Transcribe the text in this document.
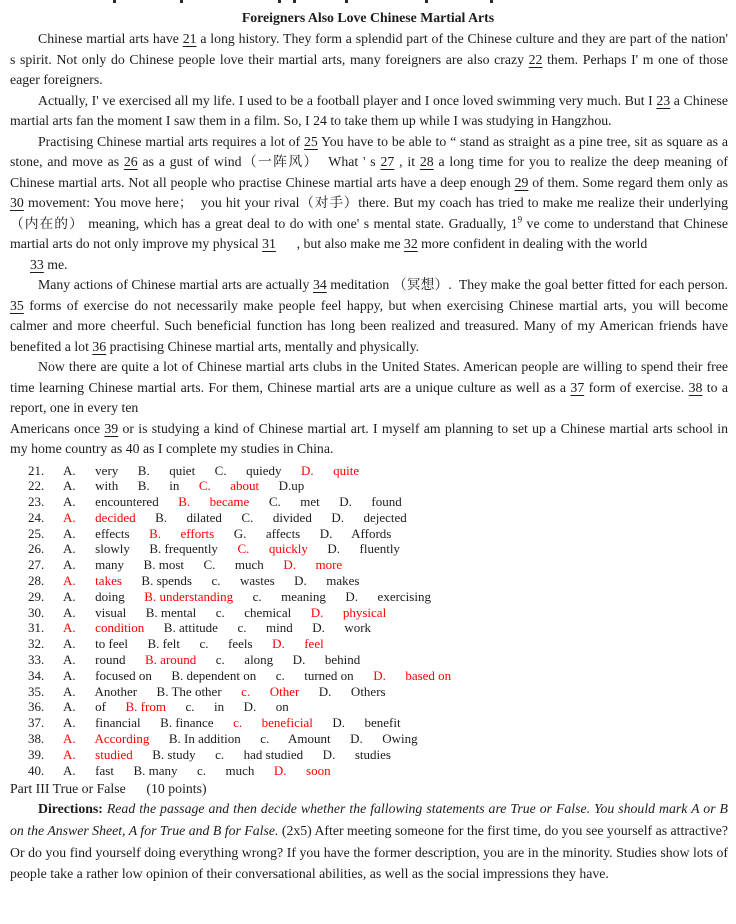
Foreigners Also Love Chinese Martial Arts

Chinese martial arts have 21 a long history. They form a splendid part of the Chinese culture and they are part of the nation' s spirit. Not only do Chinese people love their martial arts, many foreigners are also crazy 22 them. Perhaps I' m one of those eager foreigners.

Actually, I' ve exercised all my life. I used to be a football player and I once loved swimming very much. But I 23 a Chinese martial arts fan the moment I saw them in a film. So, I 24 to take them up while I was studying in Hangzhou.

Practising Chinese martial arts requires a lot of 25 You have to be able to “ stand as straight as a pine tree, sit as square as a stone, and move as 26 as a gust of wind（一阵风）  What ' s 27 , it 28 a long time for you to realize the deep meaning of Chinese martial arts. Not all people who practise Chinese martial arts have a deep enough 29 of them. Some regard them only as 30 movement: You move here；  you hit your rival（对手）there. But my coach has tried to make me realize their underlying （内在的） meaning, which has a great deal to do with one' s mental state. Gradually, $1^9$ ve come to understand that Chinese martial arts do not only improve my physical 31      , but also make me 32 more confident in dealing with the world

33 me.

Many actions of Chinese martial arts are actually 34 meditation （冥想）.  They make the goal better fitted for each person. 35 forms of exercise do not necessarily make people feel happy, but when exercising Chinese martial arts, you will become calmer and more cheerful. Such beneficial function has long been realized and treasured. Many of my American friends have benefited a lot 36 practising Chinese martial arts, mentally and physically.

Now there are quite a lot of Chinese martial arts clubs in the United States. American people are willing to spend their free time learning Chinese martial arts. For them, Chinese martial arts are a unique culture as well as a 37 form of exercise. 38 to a report, one in every ten

Americans once 39 or is studying a kind of Chinese martial art. I myself am planning to set up a Chinese martial arts school in my home country as 40 as I complete my studies in China.

21.      A.      very      B.      quiet      C.      quiedy      D.      quite
22.      A.      with      B.      in      C.      about      D.up
23.      A.      encountered      B.      became      C.      met      D.      found
24.      A.      decided      B.      dilated      C.      divided      D.      dejected
25.      A.      effects      B.      efforts      G.      affects      D.      Affords
26.      A.      slowly      B. frequently      C.      quickly      D.      fluently
27.      A.      many      B. most      C.      much      D.      more
28.      A.      takes      B. spends      c.      wastes      D.      makes
29.      A.      doing      B. understanding      c.      meaning      D.      exercising
30.      A.      visual      B. mental      c.      chemical      D.      physical
31.      A.      condition      B. attitude      c.      mind      D.      work
32.      A.      to feel      B. felt      c.      feels      D.      feel
33.      A.      round      B. around      c.      along      D.      behind
34.      A.      focused on      B. dependent on      c.      turned on      D.      based on
35.      A.      Another      B. The other      c.      Other      D.      Others
36.      A.      of      B. from      c.      in      D.      on
37.      A.      financial      B. finance      c.      beneficial      D.      benefit
38.      A.      According      B. In addition      c.      Amount      D.      Owing
39.      A.      studied      B. study      c.      had studied      D.      studies
40.      A.      fast      B. many      c.      much      D.      soon

Part III True or False      (10 points)

Directions: Read the passage and then decide whether the fallowing statements are True or False. You should mark A or B on the Answer Sheet, A for True and B for False. (2x5) After meeting someone for the first time, do you see yourself as attractive? Or do you find yourself doing everything wrong? If you have the former description, you are in the minority. Studies show lots of people take a rather low opinion of their conversational abilities, as well as the social impressions they have.
